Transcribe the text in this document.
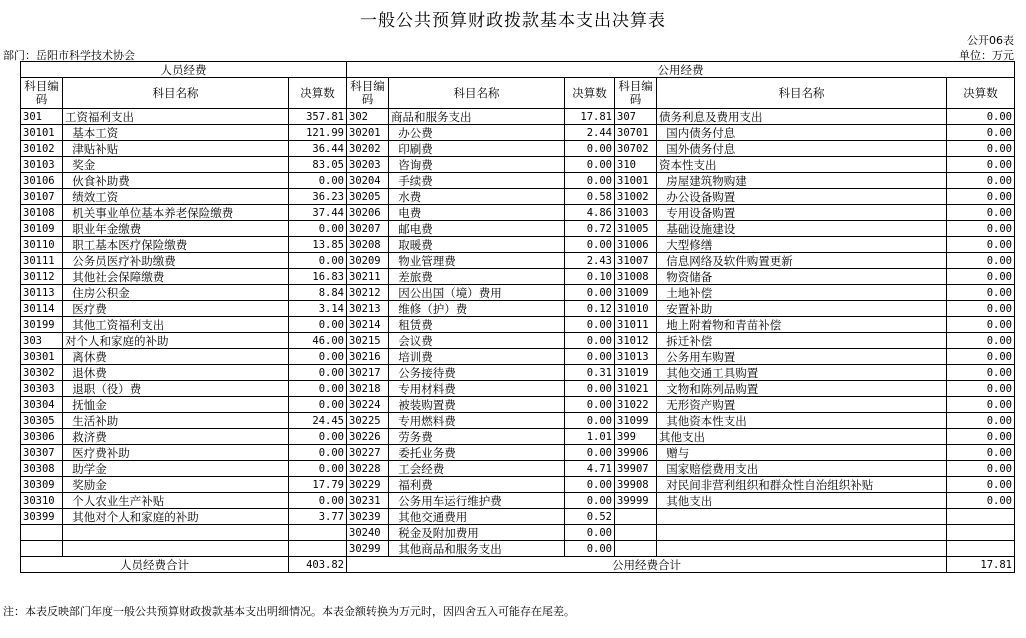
一般公共预算财政拨款基本支出决算表
公开06表
部门：岳阳市科学技术协会	单位：万元
人员经费			公用经费					
科目编码	科目名称	决算数	科目编码	科目名称	决算数	科目编码	科目名称	决算数
301	工资福利支出	357.81	302	商品和服务支出	17.81	307	债务利息及费用支出	0.00
30101	基本工资	121.99	30201	办公费	2.44	30701	国内债务付息	0.00
30102	津贴补贴	36.44	30202	印刷费	0.00	30702	国外债务付息	0.00
30103	奖金	83.05	30203	咨询费	0.00	310	资本性支出	0.00
30106	伙食补助费	0.00	30204	手续费	0.00	31001	房屋建筑物购建	0.00
30107	绩效工资	36.23	30205	水费	0.58	31002	办公设备购置	0.00
30108	机关事业单位基本养老保险缴费	37.44	30206	电费	4.86	31003	专用设备购置	0.00
30109	职业年金缴费	0.00	30207	邮电费	0.72	31005	基础设施建设	0.00
30110	职工基本医疗保险缴费	13.85	30208	取暖费	0.00	31006	大型修缮	0.00
30111	公务员医疗补助缴费	0.00	30209	物业管理费	2.43	31007	信息网络及软件购置更新	0.00
30112	其他社会保障缴费	16.83	30211	差旅费	0.10	31008	物资储备	0.00
30113	住房公积金	8.84	30212	因公出国（境）费用	0.00	31009	土地补偿	0.00
30114	医疗费	3.14	30213	维修（护）费	0.12	31010	安置补助	0.00
30199	其他工资福利支出	0.00	30214	租赁费	0.00	31011	地上附着物和青苗补偿	0.00
303	对个人和家庭的补助	46.00	30215	会议费	0.00	31012	拆迁补偿	0.00
30301	离休费	0.00	30216	培训费	0.00	31013	公务用车购置	0.00
30302	退休费	0.00	30217	公务接待费	0.31	31019	其他交通工具购置	0.00
30303	退职（役）费	0.00	30218	专用材料费	0.00	31021	文物和陈列品购置	0.00
30304	抚恤金	0.00	30224	被装购置费	0.00	31022	无形资产购置	0.00
30305	生活补助	24.45	30225	专用燃料费	0.00	31099	其他资本性支出	0.00
30306	救济费	0.00	30226	劳务费	1.01	399	其他支出	0.00
30307	医疗费补助	0.00	30227	委托业务费	0.00	39906	赠与	0.00
30308	助学金	0.00	30228	工会经费	4.71	39907	国家赔偿费用支出	0.00
30309	奖励金	17.79	30229	福利费	0.00	39908	对民间非营利组织和群众性自治组织补贴	0.00
30310	个人农业生产补贴	0.00	30231	公务用车运行维护费	0.00	39999	其他支出	0.00
30399	其他对个人和家庭的补助	3.77	30239	其他交通费用	0.52			
			30240	税金及附加费用	0.00			
			30299	其他商品和服务支出	0.00			
人员经费合计		403.82	公用经费合计					17.81
注：本表反映部门年度一般公共预算财政拨款基本支出明细情况。本表金额转换为万元时，因四舍五入可能存在尾差。
